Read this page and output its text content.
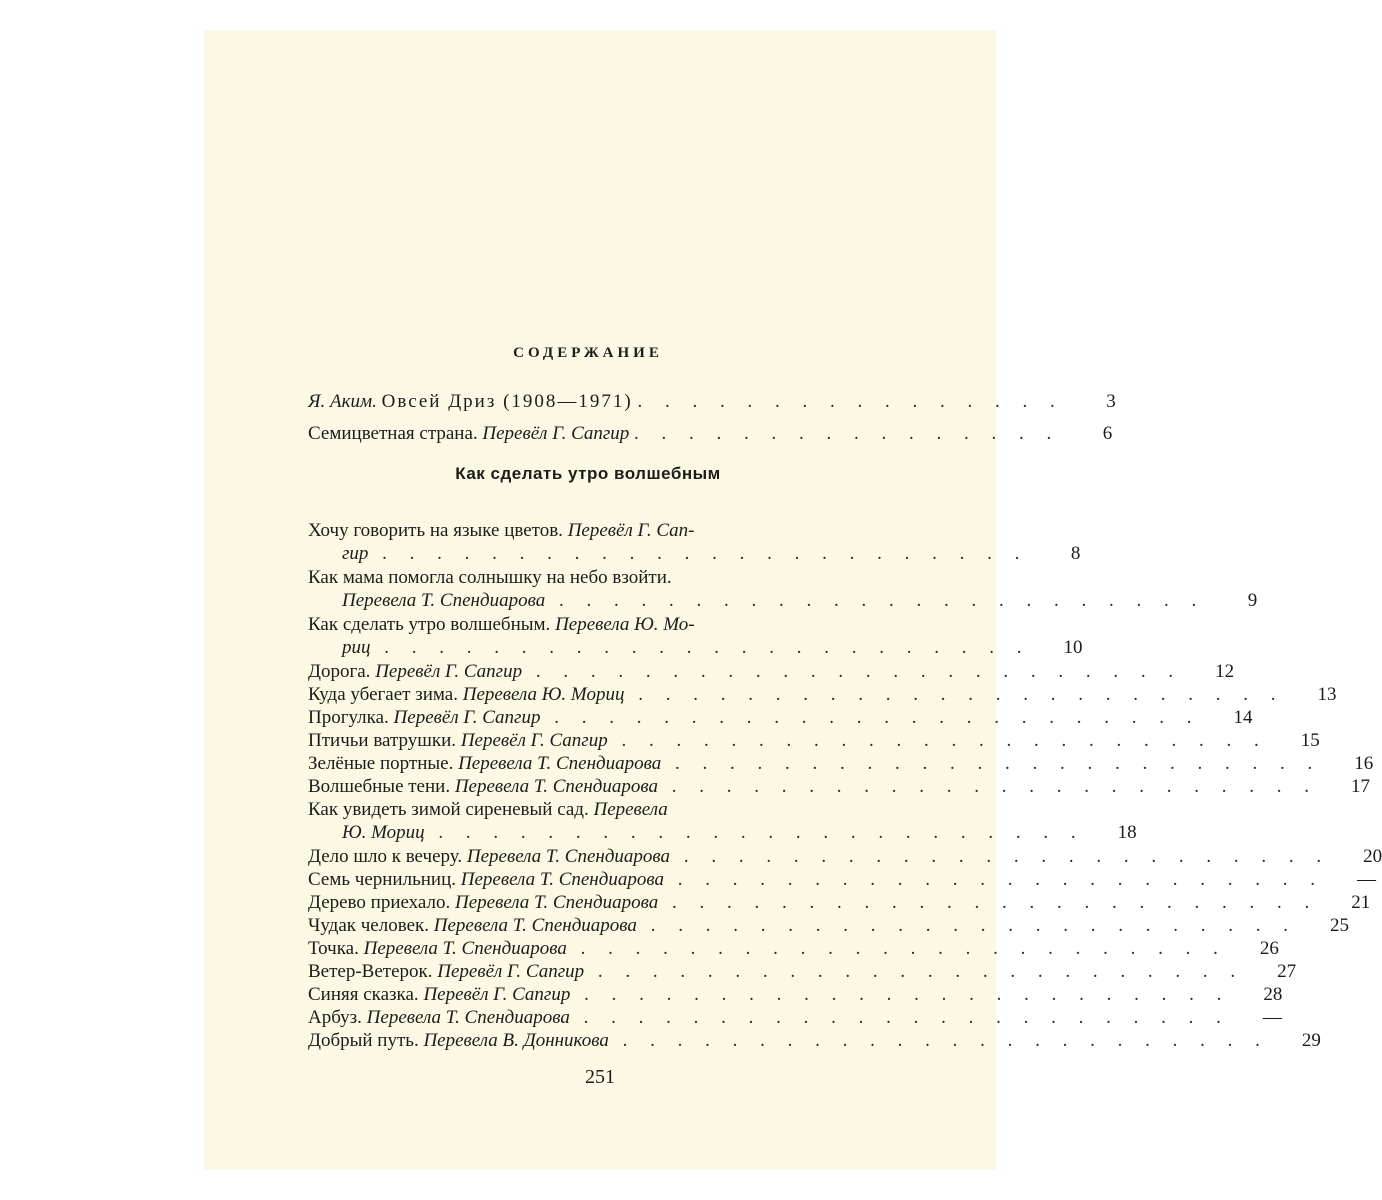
СОДЕРЖАНИЕ
Я. Аким. Овсей Дриз (1908—1971) . . . . . . . . . . . . . . . .	3
Семицветная страна. Перевёл Г. Сапгир . . . . . . . . . . . . . . . .	6
Как сделать утро волшебным
Хочу говорить на языке цветов. Перевёл Г. Сап-
гир . . . . . . . . . . . . . . . . . . . . . . . .	8
Как мама помогла солнышку на небо взойти.
Перевела Т. Спендиарова . . . . . . . . . . . . . . . . . . . . . . . .	9
Как сделать утро волшебным. Перевела Ю. Мо-
риц . . . . . . . . . . . . . . . . . . . . . . . .	10
Дорога. Перевёл Г. Сапгир . . . . . . . . . . . . . . . . . . . . . . . .	12
Куда убегает зима. Перевела Ю. Мориц . . . . . . . . . . . . . . . . . . . . . . . .	13
Прогулка. Перевёл Г. Сапгир . . . . . . . . . . . . . . . . . . . . . . . .	14
Птичьи ватрушки. Перевёл Г. Сапгир . . . . . . . . . . . . . . . . . . . . . . . .	15
Зелёные портные. Перевела Т. Спендиарова . . . . . . . . . . . . . . . . . . . . . . . .	16
Волшебные тени. Перевела Т. Спендиарова . . . . . . . . . . . . . . . . . . . . . . . .	17
Как увидеть зимой сиреневый сад. Перевела
Ю. Мориц . . . . . . . . . . . . . . . . . . . . . . . .	18
Дело шло к вечеру. Перевела Т. Спендиарова . . . . . . . . . . . . . . . . . . . . . . . .	20
Семь чернильниц. Перевела Т. Спендиарова . . . . . . . . . . . . . . . . . . . . . . . .	—
Дерево приехало. Перевела Т. Спендиарова . . . . . . . . . . . . . . . . . . . . . . . .	21
Чудак человек. Перевела Т. Спендиарова . . . . . . . . . . . . . . . . . . . . . . . .	25
Точка. Перевела Т. Спендиарова . . . . . . . . . . . . . . . . . . . . . . . .	26
Ветер-Ветерок. Перевёл Г. Сапгир . . . . . . . . . . . . . . . . . . . . . . . .	27
Синяя сказка. Перевёл Г. Сапгир . . . . . . . . . . . . . . . . . . . . . . . .	28
Арбуз. Перевела Т. Спендиарова . . . . . . . . . . . . . . . . . . . . . . . .	—
Добрый путь. Перевела В. Донникова . . . . . . . . . . . . . . . . . . . . . . . .	29
251
